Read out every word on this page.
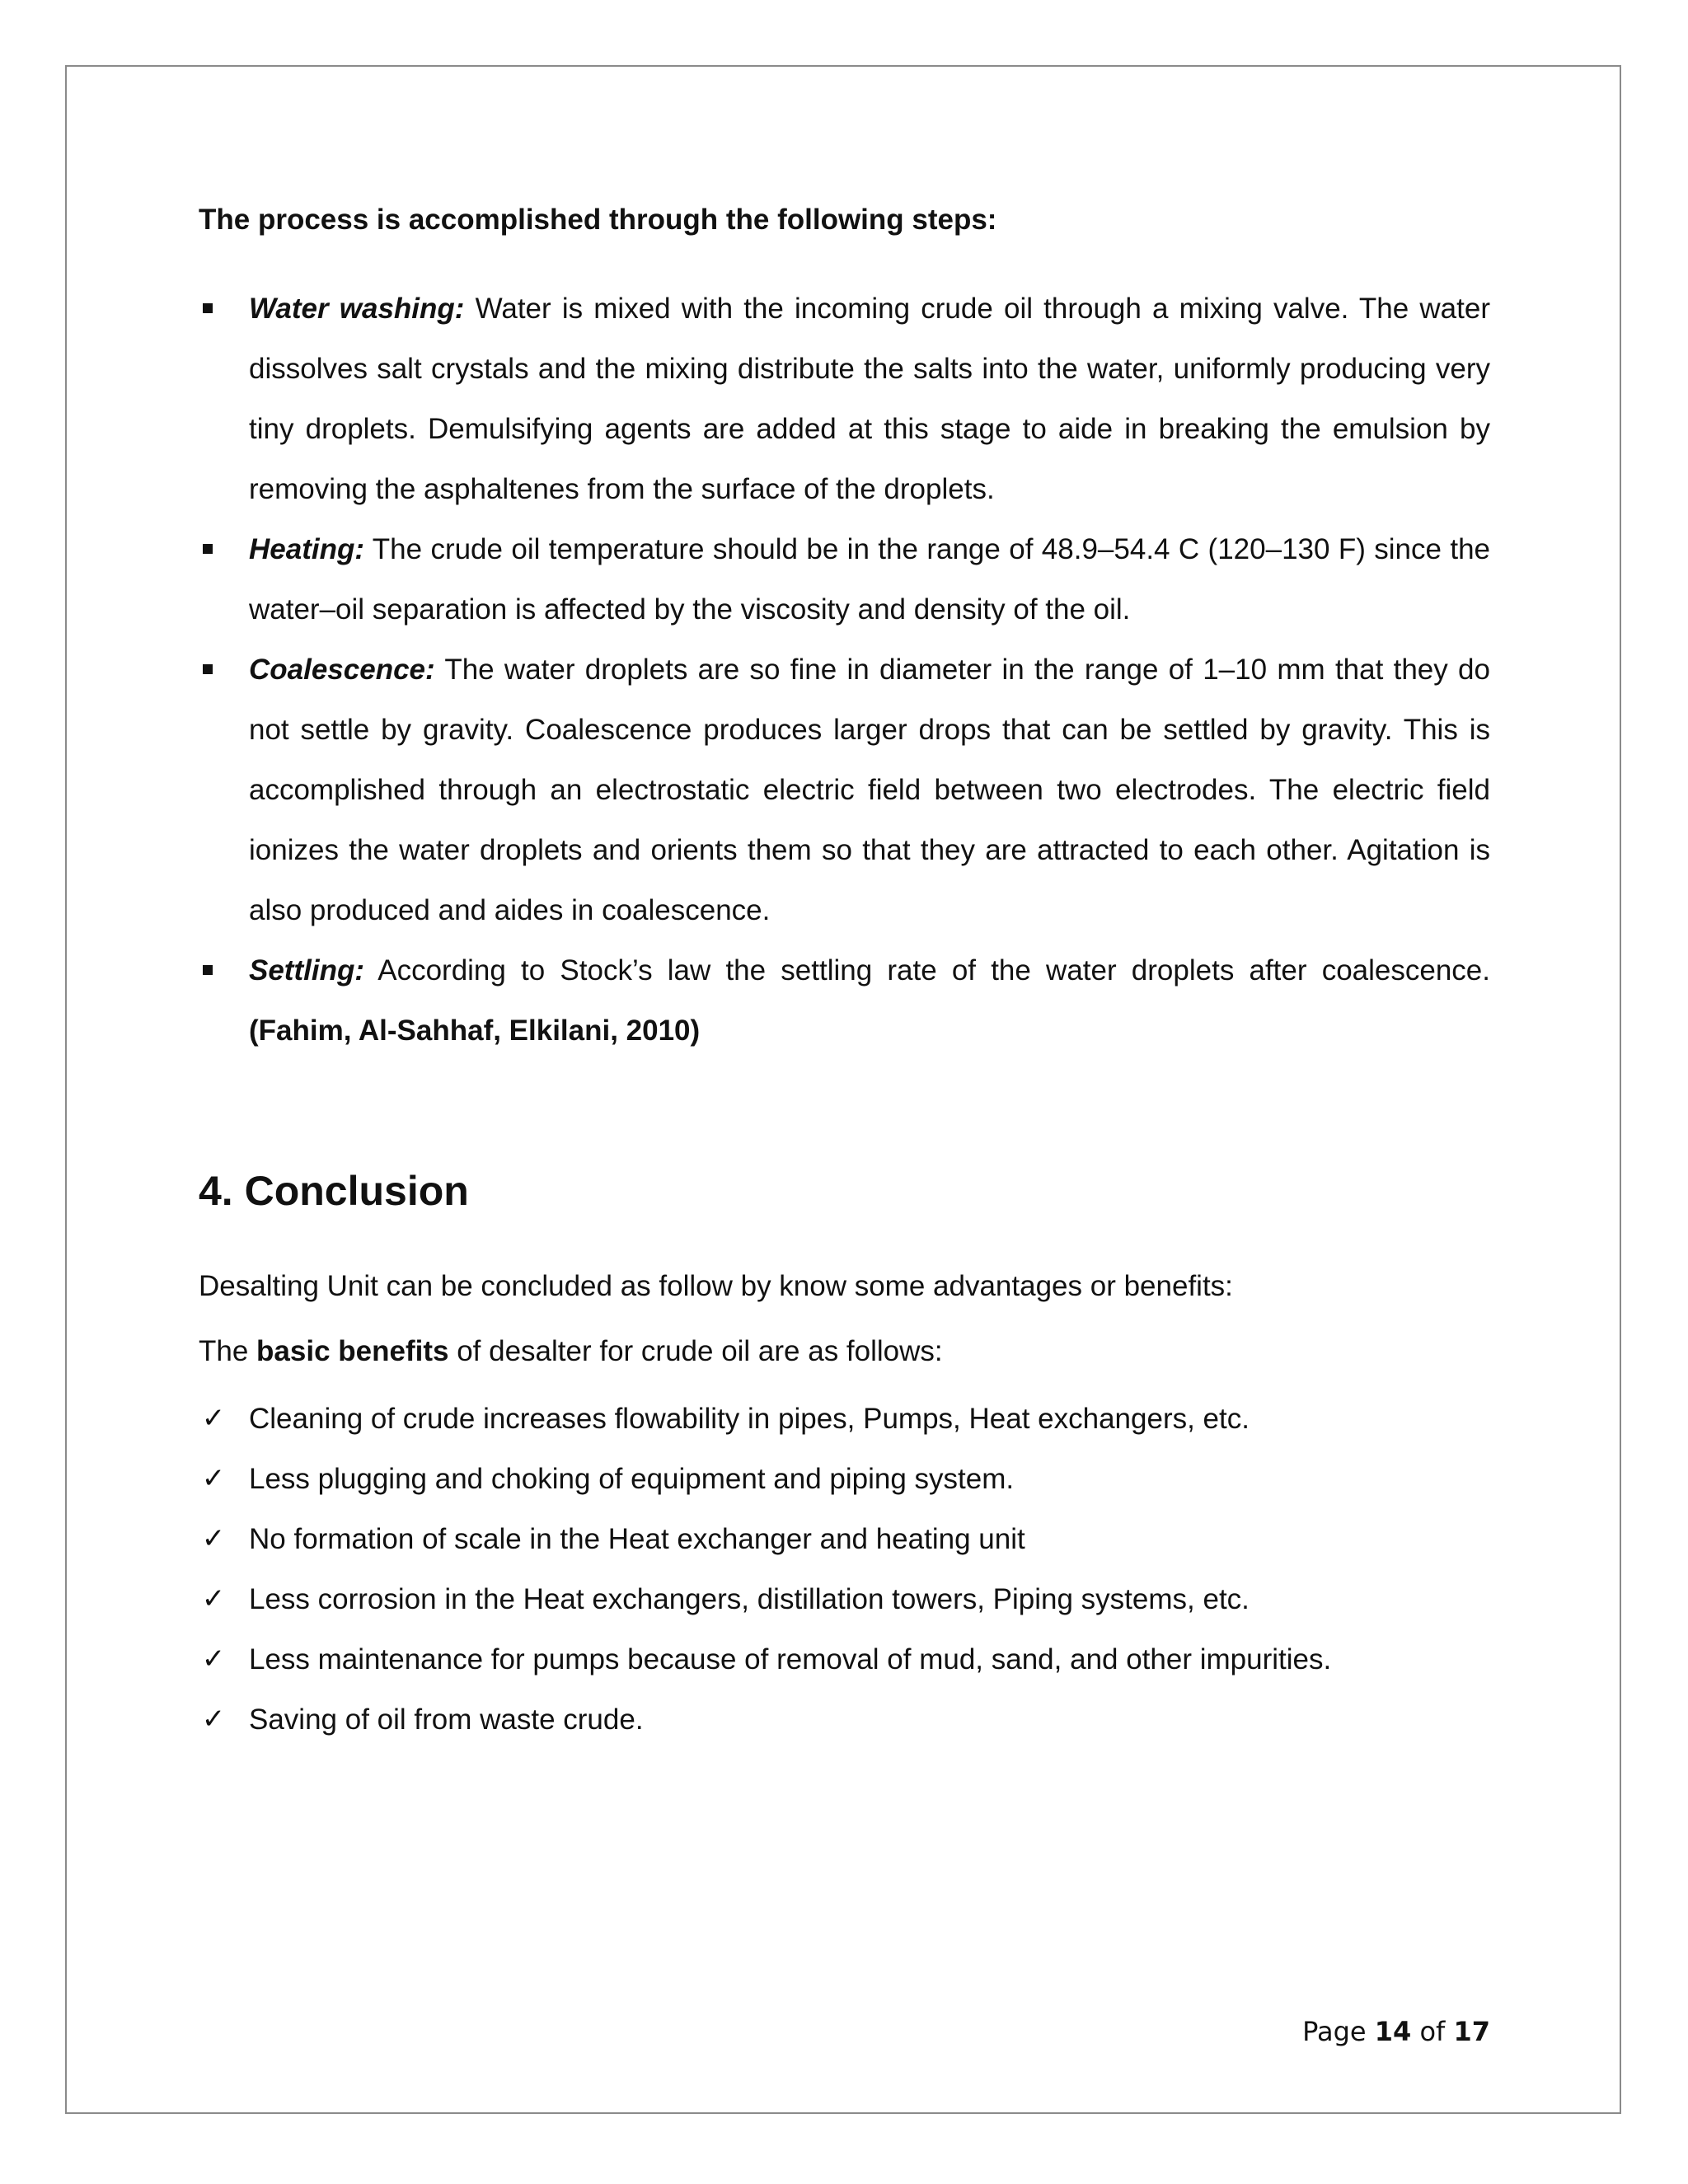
The process is accomplished through the following steps:
Water washing: Water is mixed with the incoming crude oil through a mixing valve. The water dissolves salt crystals and the mixing distribute the salts into the water, uniformly producing very tiny droplets. Demulsifying agents are added at this stage to aide in breaking the emulsion by removing the asphaltenes from the surface of the droplets.
Heating: The crude oil temperature should be in the range of 48.9–54.4 C (120–130 F) since the water–oil separation is affected by the viscosity and density of the oil.
Coalescence: The water droplets are so fine in diameter in the range of 1–10 mm that they do not settle by gravity. Coalescence produces larger drops that can be settled by gravity. This is accomplished through an electrostatic electric field between two electrodes. The electric field ionizes the water droplets and orients them so that they are attracted to each other. Agitation is also produced and aides in coalescence.
Settling: According to Stock’s law the settling rate of the water droplets after coalescence. (Fahim, Al-Sahhaf, Elkilani, 2010)
4. Conclusion
Desalting Unit can be concluded as follow by know some advantages or benefits:
The basic benefits of desalter for crude oil are as follows:
✓ Cleaning of crude increases flowability in pipes, Pumps, Heat exchangers, etc.
✓ Less plugging and choking of equipment and piping system.
✓ No formation of scale in the Heat exchanger and heating unit
✓ Less corrosion in the Heat exchangers, distillation towers, Piping systems, etc.
✓ Less maintenance for pumps because of removal of mud, sand, and other impurities.
✓ Saving of oil from waste crude.
Page 14 of 17
